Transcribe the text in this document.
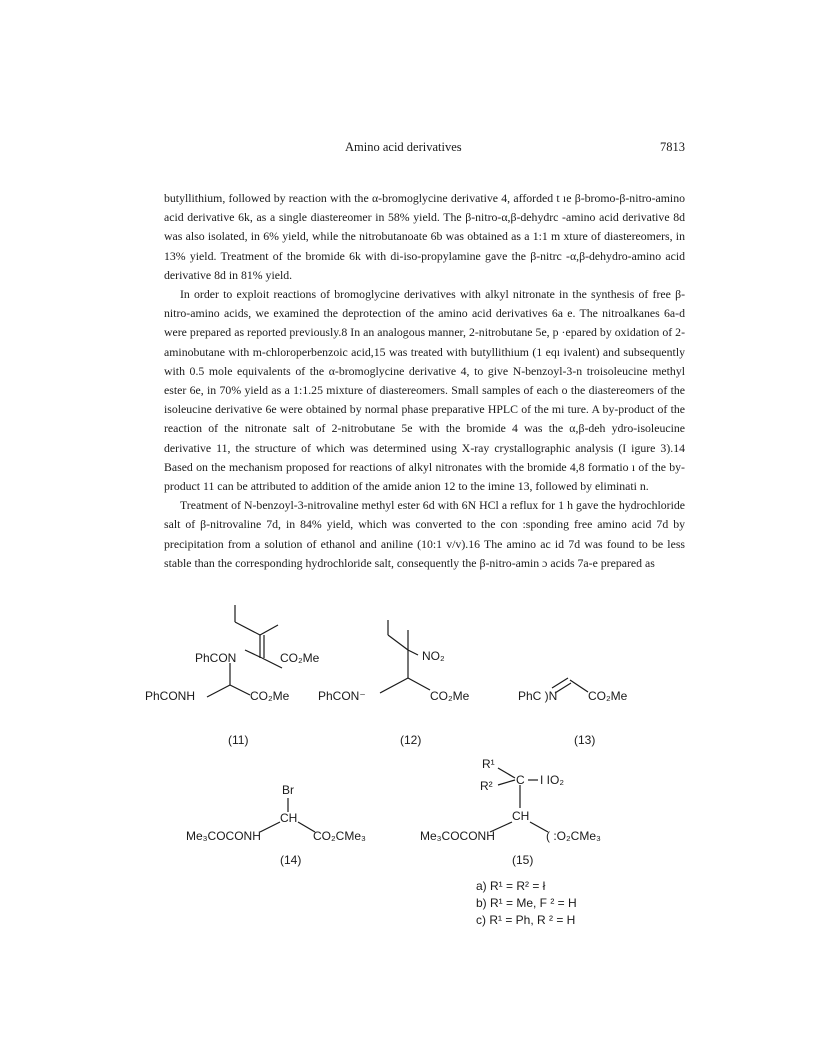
Amino acid derivatives	7813

butyllithium, followed by reaction with the α-bromoglycine derivative 4, afforded t ıe β-bromo-β-nitro-amino acid derivative 6k, as a single diastereomer in 58% yield. The β-nitro-α,β-dehydrc -amino acid derivative 8d was also isolated, in 6% yield, while the nitrobutanoate 6b was obtained as a 1:1 m xture of diastereomers, in 13% yield. Treatment of the bromide 6k with di-iso-propylamine gave the β-nitrc -α,β-dehydro-amino acid derivative 8d in 81% yield.

In order to exploit reactions of bromoglycine derivatives with alkyl nitronate in the synthesis of free β-nitro-amino acids, we examined the deprotection of the amino acid derivatives 6a e. The nitroalkanes 6a-d were prepared as reported previously.8 In an analogous manner, 2-nitrobutane 5e, p ·epared by oxidation of 2-aminobutane with m-chloroperbenzoic acid,15 was treated with butyllithium (1 eqı ivalent) and subsequently with 0.5 mole equivalents of the α-bromoglycine derivative 4, to give N-benzoyl-3-n troisoleucine methyl ester 6e, in 70% yield as a 1:1.25 mixture of diastereomers. Small samples of each o the diastereomers of the isoleucine derivative 6e were obtained by normal phase preparative HPLC of the mi ture. A by-product of the reaction of the nitronate salt of 2-nitrobutane 5e with the bromide 4 was the α,β-deh ydro-isoleucine derivative 11, the structure of which was determined using X-ray crystallographic analysis (I igure 3).14 Based on the mechanism proposed for reactions of alkyl nitronates with the bromide 4,8 formatio ı of the by-product 11 can be attributed to addition of the amide anion 12 to the imine 13, followed by eliminati n.

Treatment of N-benzoyl-3-nitrovaline methyl ester 6d with 6N HCl a reflux for 1 h gave the hydrochloride salt of β-nitrovaline 7d, in 84% yield, which was converted to the con :sponding free amino acid 7d by precipitation from a solution of ethanol and aniline (10:1 v/v).16 The amino ac id 7d was found to be less stable than the corresponding hydrochloride salt, consequently the β-nitro-amin ɔ acids 7a-e prepared as

PhCON	CO₂Me
PhCONH	CO₂Me
(11)
NO₂
PhCON⁻	CO₂Me
(12)
PhC )N	CO₂Me
(13)
Br
CH
Me₃COCONH	CO₂CMe₃
(14)
R¹
R² C I IO₂
CH
Me₃COCONH	( :O₂CMe₃
(15)
a) R¹ = R² = ł
b) R¹ = Me, F ² = H
c) R¹ = Ph, R ² = H
